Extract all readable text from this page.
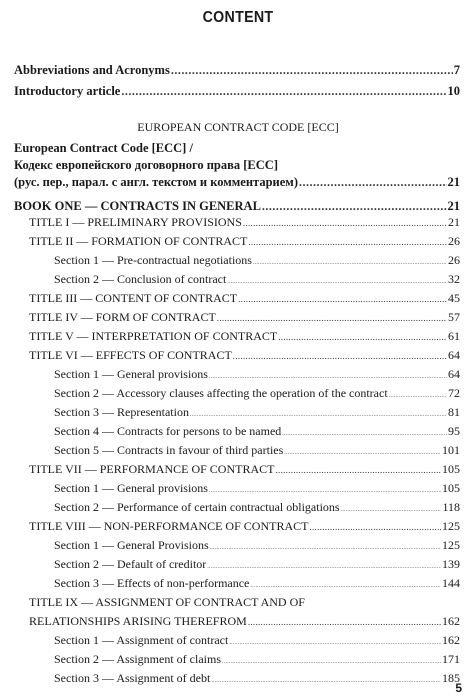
CONTENT
Abbreviations and Acronyms .....	7
Introductory article .....	10
EUROPEAN CONTRACT CODE [ECC]
European Contract Code [ECC] /
Кодекс европейского договорного права [ECC]
(рус. пер., парал. с англ. текстом и комментарием) .....	21
BOOK ONE — CONTRACTS IN GENERAL .....	21
TITLE I — PRELIMINARY PROVISIONS .....	21
TITLE II — FORMATION OF CONTRACT .....	26
Section 1 — Pre-contractual negotiations .....	26
Section 2 — Conclusion of contract .....	32
TITLE III — CONTENT OF CONTRACT .....	45
TITLE IV — FORM OF CONTRACT .....	57
TITLE V — INTERPRETATION OF CONTRACT .....	61
TITLE VI — EFFECTS OF CONTRACT .....	64
Section 1 — General provisions .....	64
Section 2 — Accessory clauses affecting the operation of the contract .....	72
Section 3 — Representation .....	81
Section 4 — Contracts for persons to be named .....	95
Section 5 — Contracts in favour of third parties .....	101
TITLE VII — PERFORMANCE OF CONTRACT .....	105
Section 1 — General provisions .....	105
Section 2 — Performance of certain contractual obligations .....	118
TITLE VIII — NON-PERFORMANCE OF CONTRACT .....	125
Section 1 — General Provisions .....	125
Section 2 — Default of creditor .....	139
Section 3 — Effects of non-performance .....	144
TITLE IX — ASSIGNMENT OF CONTRACT AND OF
RELATIONSHIPS ARISING THEREFROM .....	162
Section 1 — Assignment of contract .....	162
Section 2 — Assignment of claims .....	171
Section 3 — Assignment of debt .....	185
5
